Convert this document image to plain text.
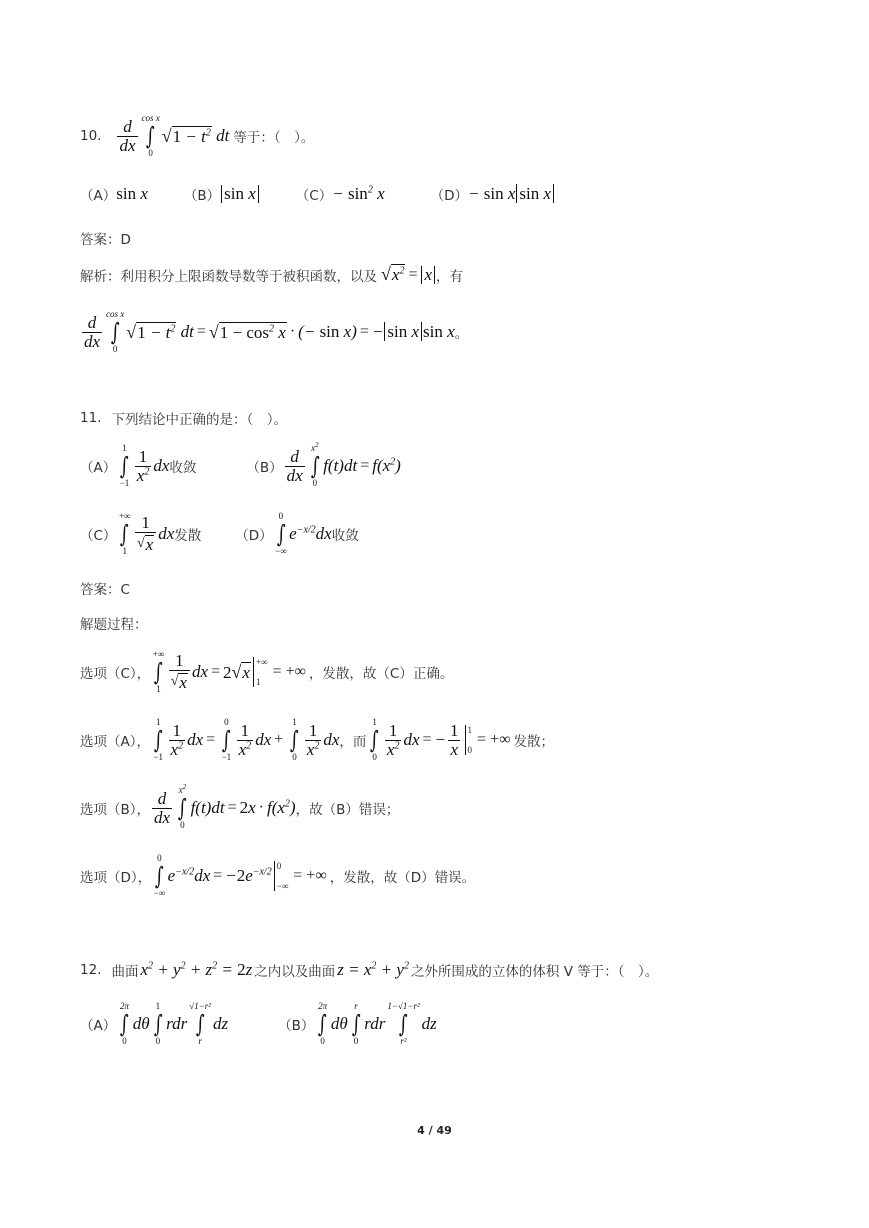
10. $\frac{d}{dx}$ cos x
∫
0
√ $1 - t^2$ dt 等于：（　）。
（A） sin x	（B） sin x	$(C) - \sin^2 x$	（D） − sin x sin x
答案：D
解析：利用积分上限函数导数等于被积函数，以及 √ $x^2 = x$ ，有
$\frac{d}{dx}$ cos x
∫
0
√ $1 - t^2$ dt = √ $1 - \cos^2 x$ · (− sin x) = − sin x sin x 。
11. 下列结论中正确的是：（　）。
（A）
1
∫
$-1 \frac{1}{x^2}$ dx 收敛	$(B) \frac{d}{dx} x^2$
∫
0
$f(t)dt = f(x^2)$
（C）
+∞
∫
$1 \frac{1}{√ x}$ dx 发散	（D）
0
∫
−∞
$e^{-x/2}dx$ 收敛
答案：C
解题过程：
选项（C），
+∞
∫
$1 \frac{1}{√ x}$ dx = 2 √ x
+∞
1
= +∞ ，发散，故（C）正确。
选项（A），
1
∫
$-1 \frac{1}{x^2}$ dx =
0
∫
$-1 \frac{1}{x^2}$ dx +
1
∫
$0 \frac{1}{x^2}$ dx ，而
1
∫
$0 \frac{1}{x^2}$ dx = − $\frac{1}{x} 1$
0
= +∞ 发散；
选项（B）， $\frac{d}{dx} x^2$
∫
0
$f(t)dt = 2x \cdot f(x^2)$ ，故（B）错误；
选项（D），
0
∫
−∞
$e^{-x/2}dx = -2e^{-x/2}$
0
−∞
= +∞ ，发散，故（D）错误。
12. 曲面 $x^2 + y^2 + z^2 = 2z$ 之内以及曲面 $z = x^2 + y^2$ 之外所围成的立体的体积 V 等于：（　）。
（A）
2π
∫
0
dθ
1
∫
0
rdr
√1−r²
∫
r
dz	（B）
2π
∫
0
dθ
r
∫
0
rdr
1−√1−r²
∫
r²
dz
4 / 49
